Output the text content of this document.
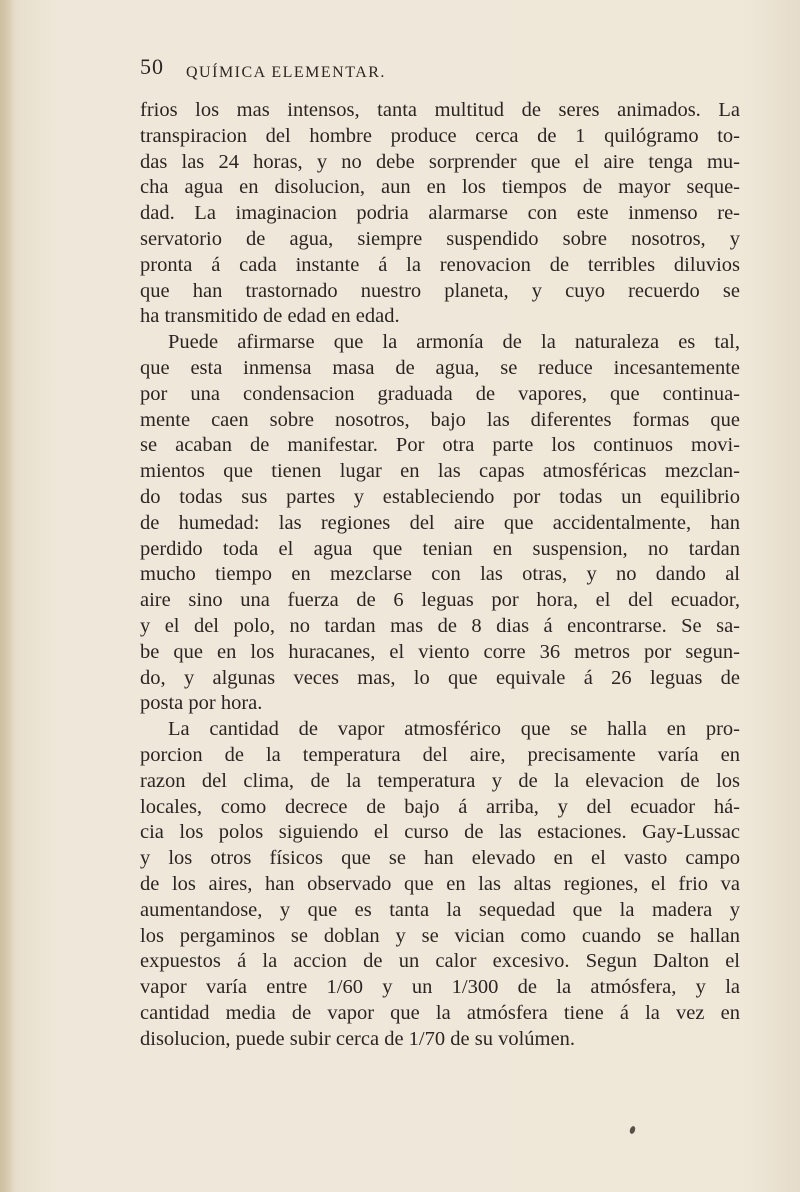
50 QUÍMICA ELEMENTAR.
frios los mas intensos, tanta multitud de seres animados. La
transpiracion del hombre produce cerca de 1 quilógramo to-
das las 24 horas, y no debe sorprender que el aire tenga mu-
cha agua en disolucion, aun en los tiempos de mayor seque-
dad. La imaginacion podria alarmarse con este inmenso re-
servatorio de agua, siempre suspendido sobre nosotros, y
pronta á cada instante á la renovacion de terribles diluvios
que han trastornado nuestro planeta, y cuyo recuerdo se
ha transmitido de edad en edad.
Puede afirmarse que la armonía de la naturaleza es tal,
que esta inmensa masa de agua, se reduce incesantemente
por una condensacion graduada de vapores, que continua-
mente caen sobre nosotros, bajo las diferentes formas que
se acaban de manifestar. Por otra parte los continuos movi-
mientos que tienen lugar en las capas atmosféricas mezclan-
do todas sus partes y estableciendo por todas un equilibrio
de humedad: las regiones del aire que accidentalmente, han
perdido toda el agua que tenian en suspension, no tardan
mucho tiempo en mezclarse con las otras, y no dando al
aire sino una fuerza de 6 leguas por hora, el del ecuador,
y el del polo, no tardan mas de 8 dias á encontrarse. Se sa-
be que en los huracanes, el viento corre 36 metros por segun-
do, y algunas veces mas, lo que equivale á 26 leguas de
posta por hora.
La cantidad de vapor atmosférico que se halla en pro-
porcion de la temperatura del aire, precisamente varía en
razon del clima, de la temperatura y de la elevacion de los
locales, como decrece de bajo á arriba, y del ecuador há-
cia los polos siguiendo el curso de las estaciones. Gay-Lussac
y los otros físicos que se han elevado en el vasto campo
de los aires, han observado que en las altas regiones, el frio va
aumentandose, y que es tanta la sequedad que la madera y
los pergaminos se doblan y se vician como cuando se hallan
expuestos á la accion de un calor excesivo. Segun Dalton el
vapor varía entre 1/60 y un 1/300 de la atmósfera, y la
cantidad media de vapor que la atmósfera tiene á la vez en
disolucion, puede subir cerca de 1/70 de su volúmen.
